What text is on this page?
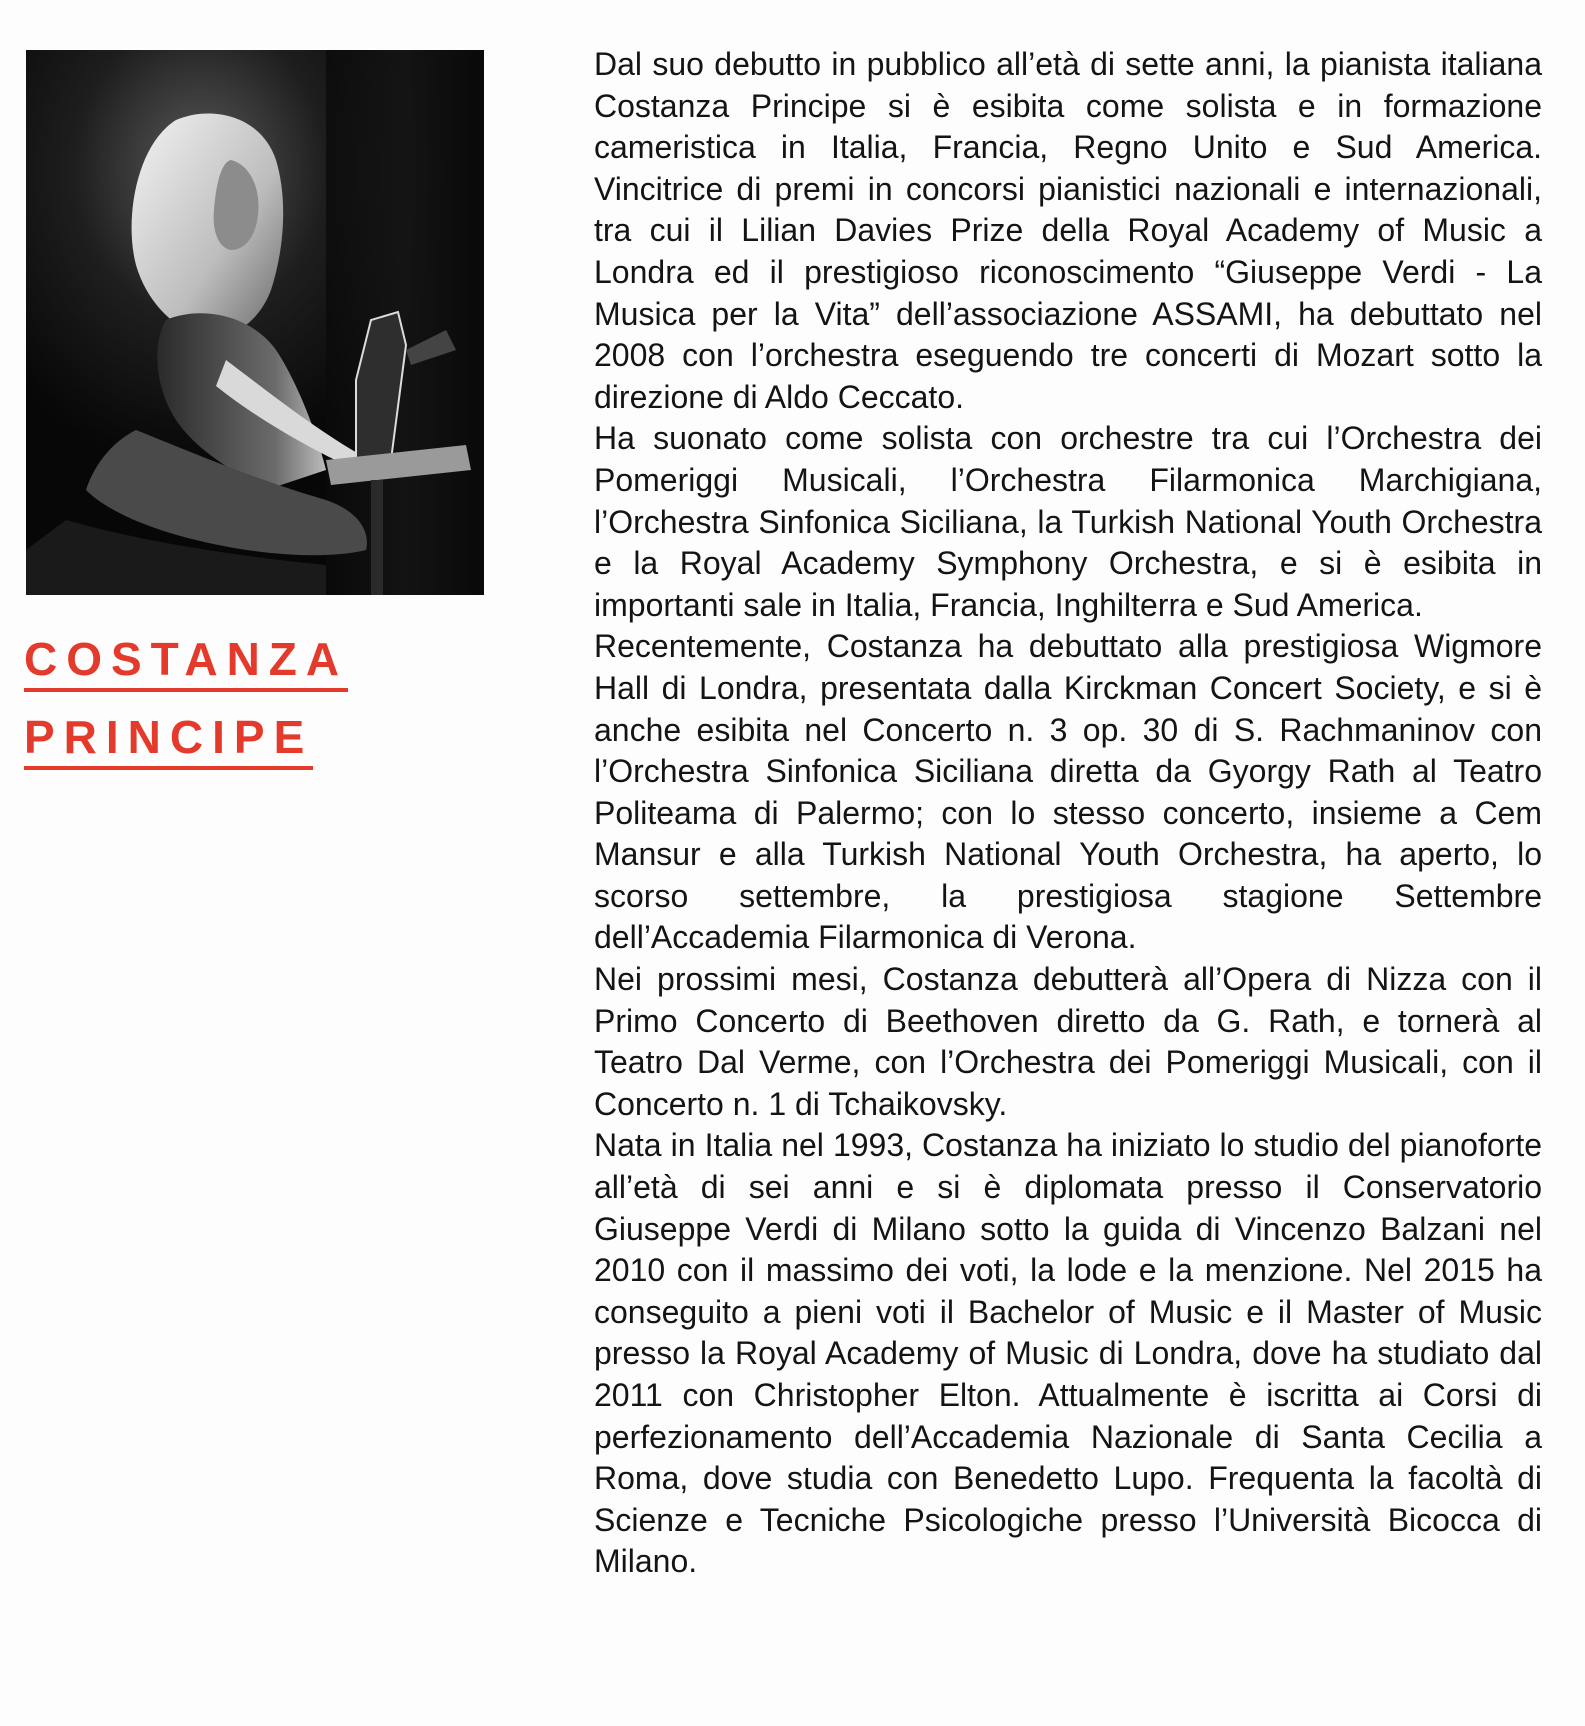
COSTANZA
PRINCIPE

Dal suo debutto in pubblico all’età di sette anni, la pianista italiana Costanza Principe si è esibita come solista e in formazione cameristica in Italia, Francia, Regno Unito e Sud America. Vincitrice di premi in concorsi pianistici nazionali e internazionali, tra cui il Lilian Davies Prize della Royal Academy of Music a Londra ed il prestigioso riconoscimento “Giuseppe Verdi - La Musica per la Vita” dell’associazione ASSAMI, ha debuttato nel 2008 con l’orchestra eseguendo tre concerti di Mozart sotto la direzione di Aldo Ceccato.

Ha suonato come solista con orchestre tra cui l’Orchestra dei Pomeriggi Musicali, l’Orchestra Filarmonica Marchigiana, l’Orchestra Sinfonica Siciliana, la Turkish National Youth Orchestra e la Royal Academy Symphony Orchestra, e si è esibita in importanti sale in Italia, Francia, Inghilterra e Sud America.

Recentemente, Costanza ha debuttato alla prestigiosa Wigmore Hall di Londra, presentata dalla Kirckman Concert Society, e si è anche esibita nel Concerto n. 3 op. 30 di S. Rachmaninov con l’Orchestra Sinfonica Siciliana diretta da Gyorgy Rath al Teatro Politeama di Palermo; con lo stesso concerto, insieme a Cem Mansur e alla Turkish National Youth Orchestra, ha aperto, lo scorso settembre, la prestigiosa stagione Settembre dell’Accademia Filarmonica di Verona.

Nei prossimi mesi, Costanza debutterà all’Opera di Nizza con il Primo Concerto di Beethoven diretto da G. Rath, e tornerà al Teatro Dal Verme, con l’Orchestra dei Pomeriggi Musicali, con il Concerto n. 1 di Tchaikovsky.

Nata in Italia nel 1993, Costanza ha iniziato lo studio del pianoforte all’età di sei anni e si è diplomata presso il Conservatorio Giuseppe Verdi di Milano sotto la guida di Vincenzo Balzani nel 2010 con il massimo dei voti, la lode e la menzione. Nel 2015 ha conseguito a pieni voti il Bachelor of Music e il Master of Music presso la Royal Academy of Music di Londra, dove ha studiato dal 2011 con Christopher Elton. Attualmente è iscritta ai Corsi di perfezionamento dell’Accademia Nazionale di Santa Cecilia a Roma, dove studia con Benedetto Lupo. Frequenta la facoltà di Scienze e Tecniche Psicologiche presso l’Università Bicocca di Milano.
